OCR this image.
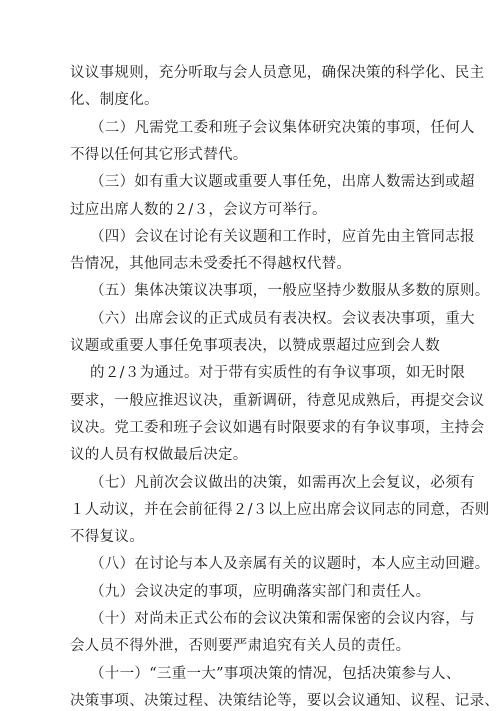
议议事规则，充分听取与会人员意见，确保决策的科学化、民主
化、制度化。
（二）凡需党工委和班子会议集体研究决策的事项，任何人
不得以任何其它形式替代。
（三）如有重大议题或重要人事任免，出席人数需达到或超
过应出席人数的２/３，会议方可举行。
（四）会议在讨论有关议题和工作时，应首先由主管同志报
告情况，其他同志未受委托不得越权代替。
（五）集体决策议决事项，一般应坚持少数服从多数的原则。
（六）出席会议的正式成员有表决权。会议表决事项，重大
议题或重要人事任免事项表决，以赞成票超过应到会人数
的２/３为通过。对于带有实质性的有争议事项，如无时限
要求，一般应推迟议决，重新调研，待意见成熟后，再提交会议
议决。党工委和班子会议如遇有时限要求的有争议事项，主持会
议的人员有权做最后决定。
（七）凡前次会议做出的决策，如需再次上会复议，必须有
１人动议，并在会前征得２/３以上应出席会议同志的同意，否则
不得复议。
（八）在讨论与本人及亲属有关的议题时，本人应主动回避。
（九）会议决定的事项，应明确落实部门和责任人。
（十）对尚未正式公布的会议决策和需保密的会议内容，与
会人员不得外泄，否则要严肃追究有关人员的责任。
（十一）“三重一大”事项决策的情况，包括决策参与人、
决策事项、决策过程、决策结论等，要以会议通知、议程、记录、
